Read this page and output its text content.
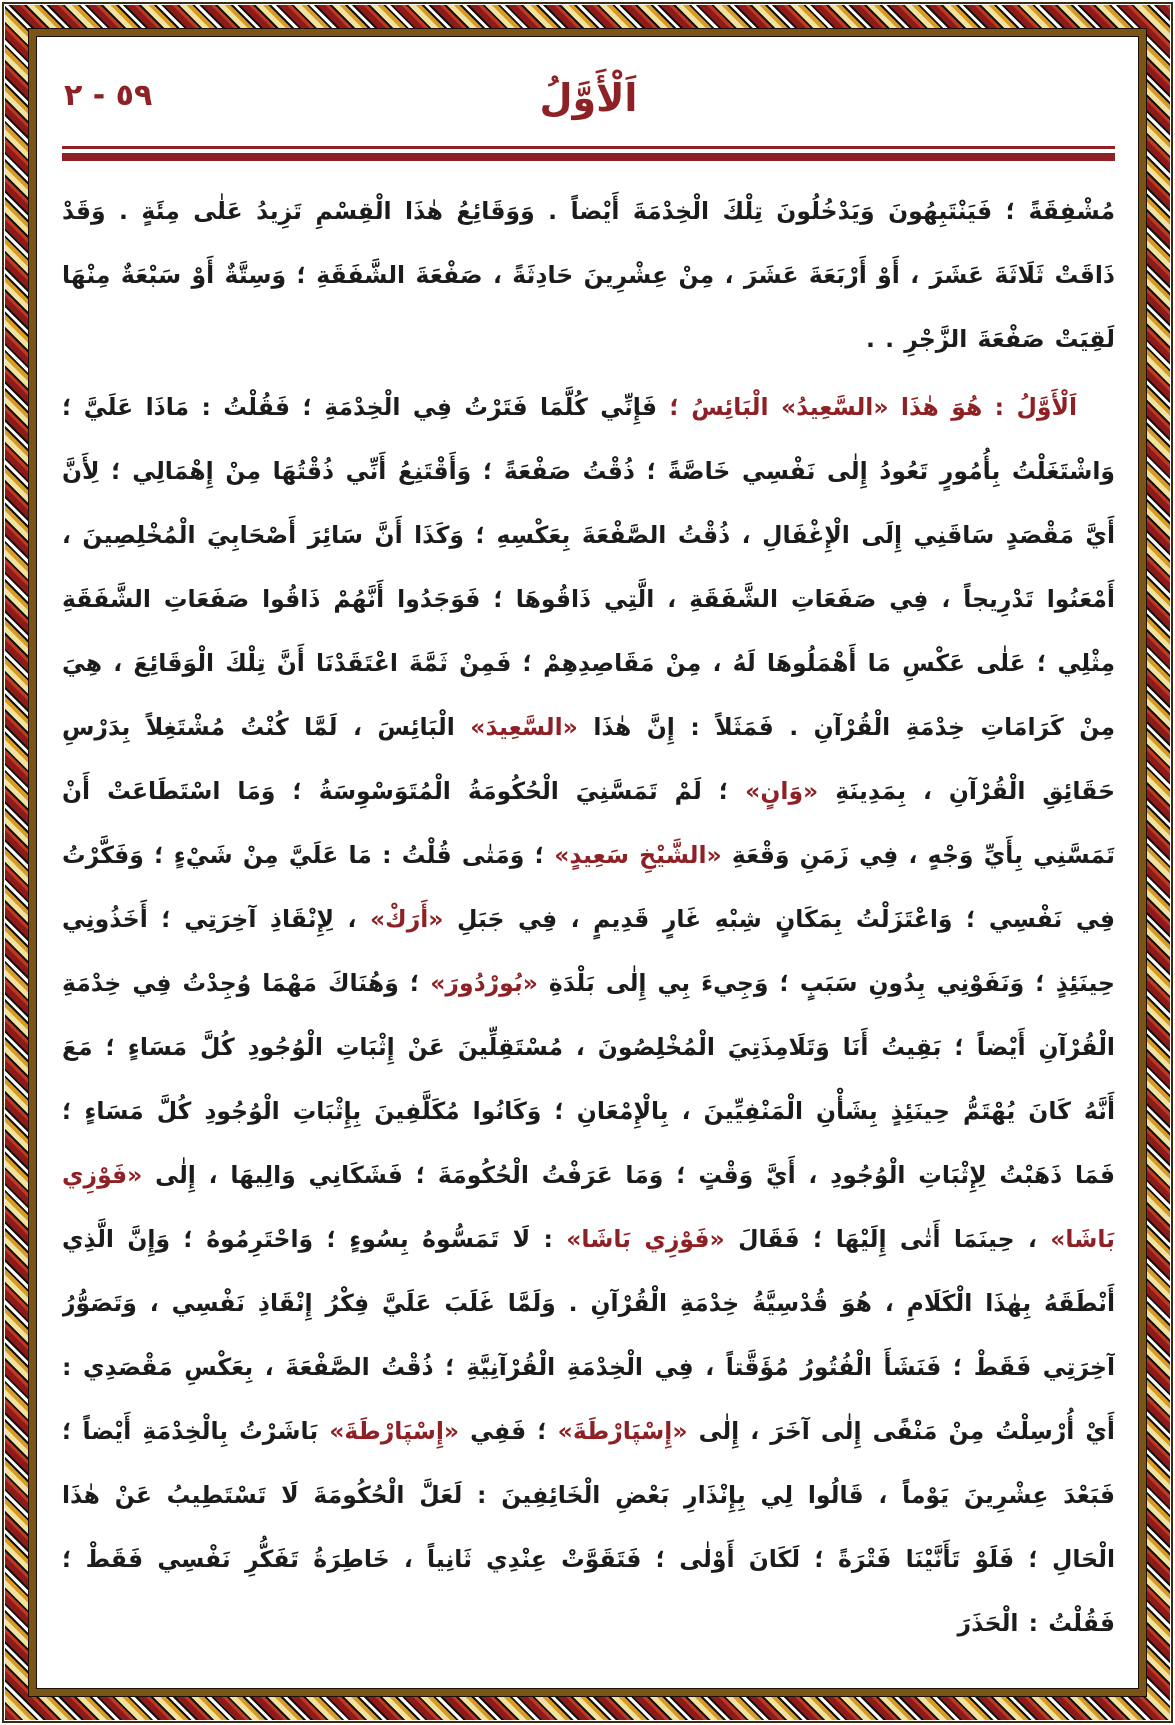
٥٩ - ٢	اَلْأَوَّلُ

مُشْفِقَةً ؛ فَيَنْتَبِهُونَ وَيَدْخُلُونَ تِلْكَ الْخِدْمَةَ أَيْضاً . وَوَقَائِعُ هٰذَا الْقِسْمِ تَزِيدُ عَلٰى مِئَةٍ . وَقَدْ ذَاقَتْ ثَلَاثَةَ عَشَرَ ، أَوْ أَرْبَعَةَ عَشَرَ ، مِنْ عِشْرِينَ حَادِثَةً ، صَفْعَةَ الشَّفَقَةِ ؛ وَسِتَّةٌ أَوْ سَبْعَةٌ مِنْهَا لَقِيَتْ صَفْعَةَ الزَّجْرِ . .

اَلْأَوَّلُ : هُوَ هٰذَا «السَّعِيدُ» الْبَائِسُ ؛ فَإِنِّي كُلَّمَا فَتَرْتُ فِي الْخِدْمَةِ ؛ فَقُلْتُ : مَاذَا عَلَيَّ ؛ وَاشْتَغَلْتُ بِأُمُورٍ تَعُودُ إِلٰى نَفْسِي خَاصَّةً ؛ ذُقْتُ صَفْعَةً ؛ وَأَقْتَنِعُ أَنِّي ذُقْتُهَا مِنْ إِهْمَالِي ؛ لِأَنَّ أَيَّ مَقْصَدٍ سَاقَنِي إِلَى الْإِغْفَالِ ، ذُقْتُ الصَّفْعَةَ بِعَكْسِهِ ؛ وَكَذَا أَنَّ سَائِرَ أَصْحَابِيَ الْمُخْلِصِينَ ، أَمْعَنُوا تَدْرِيجاً ، فِي صَفَعَاتِ الشَّفَقَةِ ، الَّتِي ذَاقُوهَا ؛ فَوَجَدُوا أَنَّهُمْ ذَاقُوا صَفَعَاتِ الشَّفَقَةِ مِثْلِي ؛ عَلٰى عَكْسِ مَا أَهْمَلُوهَا لَهُ ، مِنْ مَقَاصِدِهِمْ ؛ فَمِنْ ثَمَّةَ اعْتَقَدْنَا أَنَّ تِلْكَ الْوَقَائِعَ ، هِيَ مِنْ كَرَامَاتِ خِدْمَةِ الْقُرْآنِ . فَمَثَلاً : إِنَّ هٰذَا «السَّعِيدَ» الْبَائِسَ ، لَمَّا كُنْتُ مُشْتَغِلاً بِدَرْسِ حَقَائِقِ الْقُرْآنِ ، بِمَدِينَةِ «وَانٍ» ؛ لَمْ تَمَسَّنِيَ الْحُكُومَةُ الْمُتَوَسْوِسَةُ ؛ وَمَا اسْتَطَاعَتْ أَنْ تَمَسَّنِي بِأَيِّ وَجْهٍ ، فِي زَمَنِ وَقْعَةِ «الشَّيْخِ سَعِيدٍ» ؛ وَمَتٰى قُلْتُ : مَا عَلَيَّ مِنْ شَيْءٍ ؛ وَفَكَّرْتُ فِي نَفْسِي ؛ وَاعْتَزَلْتُ بِمَكَانٍ شِبْهِ غَارٍ قَدِيمٍ ، فِي جَبَلِ «أَرَكْ» ، لِإِنْقَاذِ آخِرَتِي ؛ أَخَذُونِي حِينَئِذٍ ؛ وَنَفَوْنِي بِدُونِ سَبَبٍ ؛ وَجِيءَ بِي إِلٰى بَلْدَةِ «بُورْدُورَ» ؛ وَهُنَاكَ مَهْمَا وُجِدْتُ فِي خِدْمَةِ الْقُرْآنِ أَيْضاً ؛ بَقِيتُ أَنَا وَتَلَامِذَتِيَ الْمُخْلِصُونَ ، مُسْتَقِلِّينَ عَنْ إِثْبَاتِ الْوُجُودِ كُلَّ مَسَاءٍ ؛ مَعَ أَنَّهُ كَانَ يُهْتَمُّ حِينَئِذٍ بِشَأْنِ الْمَنْفِيِّينَ ، بِالْإِمْعَانِ ؛ وَكَانُوا مُكَلَّفِينَ بِإِثْبَاتِ الْوُجُودِ كُلَّ مَسَاءٍ ؛ فَمَا ذَهَبْتُ لِإِثْبَاتِ الْوُجُودِ ، أَيَّ وَقْتٍ ؛ وَمَا عَرَفْتُ الْحُكُومَةَ ؛ فَشَكَانِي وَالِيهَا ، إِلٰى «فَوْزِي بَاشَا» ، حِينَمَا أَتٰى إِلَيْهَا ؛ فَقَالَ «فَوْزِي بَاشَا» : لَا تَمَسُّوهُ بِسُوءٍ ؛ وَاحْتَرِمُوهُ ؛ وَإِنَّ الَّذِي أَنْطَقَهُ بِهٰذَا الْكَلَامِ ، هُوَ قُدْسِيَّةُ خِدْمَةِ الْقُرْآنِ . وَلَمَّا غَلَبَ عَلَيَّ فِكْرُ إِنْقَاذِ نَفْسِي ، وَتَصَوُّرُ آخِرَتِي فَقَطْ ؛ فَنَشَأَ الْفُتُورُ مُؤَقَّتاً ، فِي الْخِدْمَةِ الْقُرْآنِيَّةِ ؛ ذُقْتُ الصَّفْعَةَ ، بِعَكْسِ مَقْصَدِي : أَيْ أُرْسِلْتُ مِنْ مَنْفًى إِلٰى آخَرَ ، إِلٰى «إِسْپَارْطَةَ» ؛ فَفِي «إِسْپَارْطَةَ» بَاشَرْتُ بِالْخِدْمَةِ أَيْضاً ؛ فَبَعْدَ عِشْرِينَ يَوْماً ، قَالُوا لِي بِإِنْذَارِ بَعْضِ الْخَائِفِينَ : لَعَلَّ الْحُكُومَةَ لَا تَسْتَطِيبُ عَنْ هٰذَا الْحَالِ ؛ فَلَوْ تَأَنَّيْنَا فَتْرَةً ؛ لَكَانَ أَوْلٰى ؛ فَتَقَوَّتْ عِنْدِي ثَانِياً ، خَاطِرَةُ تَفَكُّرِ نَفْسِي فَقَطْ ؛ فَقُلْتُ : الْحَذَرَ
